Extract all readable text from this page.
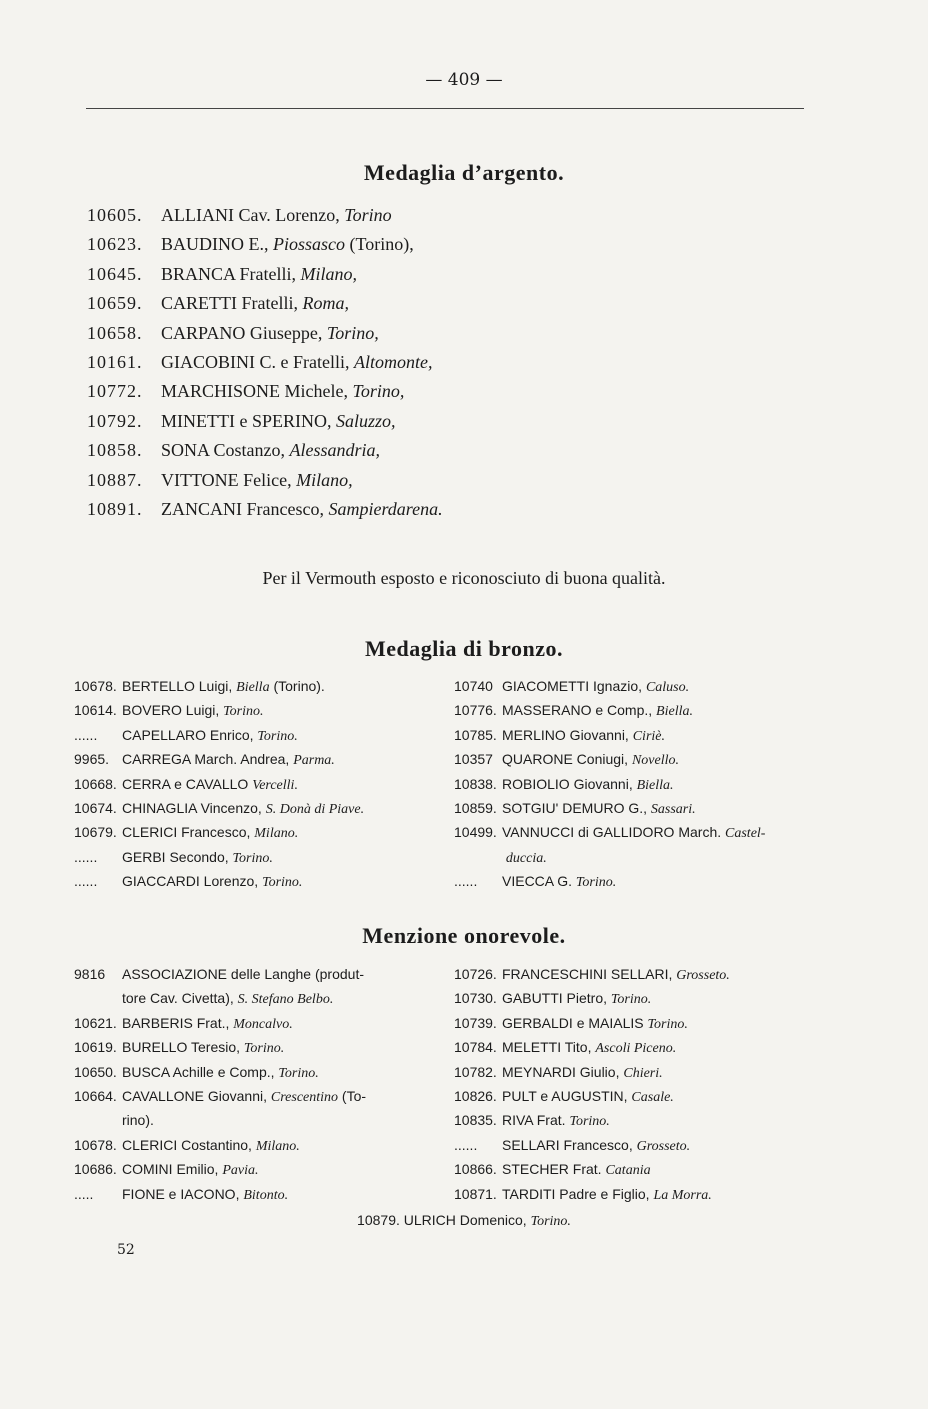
— 409 —
Medaglia d’argento.
10605. ALLIANI Cav. Lorenzo, Torino
10623. BAUDINO E., Piossasco (Torino),
10645. BRANCA Fratelli, Milano,
10659. CARETTI Fratelli, Roma,
10658. CARPANO Giuseppe, Torino,
10161. GIACOBINI C. e Fratelli, Altomonte,
10772. MARCHISONE Michele, Torino,
10792. MINETTI e SPERINO, Saluzzo,
10858. SONA Costanzo, Alessandria,
10887. VITTONE Felice, Milano,
10891. ZANCANI Francesco, Sampierdarena.
Per il Vermouth esposto e riconosciuto di buona qualità.
Medaglia di bronzo.
10678. BERTELLO Luigi, Biella (Torino).
10614. BOVERO Luigi, Torino.
...... CAPELLARO Enrico, Torino.
9965. CARREGA March. Andrea, Parma.
10668. CERRA e CAVALLO Vercelli.
10674. CHINAGLIA Vincenzo, S. Donà di Piave.
10679. CLERICI Francesco, Milano.
...... GERBI Secondo, Torino.
...... GIACCARDI Lorenzo, Torino.
10740 GIACOMETTI Ignazio, Caluso.
10776. MASSERANO e Comp., Biella.
10785. MERLINO Giovanni, Ciriè.
10357 QUARONE Coniugi, Novello.
10838. ROBIOLIO Giovanni, Biella.
10859. SOTGIU' DEMURO G., Sassari.
10499. VANNUCCI di GALLIDORO March. Castel-
duccia.
...... VIECCA G. Torino.
Menzione onorevole.
9816 ASSOCIAZIONE delle Langhe (produt-
tore Cav. Civetta), S. Stefano Belbo.
10621. BARBERIS Frat., Moncalvo.
10619. BURELLO Teresio, Torino.
10650. BUSCA Achille e Comp., Torino.
10664. CAVALLONE Giovanni, Crescentino (To-
rino).
10678. CLERICI Costantino, Milano.
10686. COMINI Emilio, Pavia.
..... FIONE e IACONO, Bitonto.
10726. FRANCESCHINI SELLARI, Grosseto.
10730. GABUTTI Pietro, Torino.
10739. GERBALDI e MAIALIS Torino.
10784. MELETTI Tito, Ascoli Piceno.
10782. MEYNARDI Giulio, Chieri.
10826. PULT e AUGUSTIN, Casale.
10835. RIVA Frat. Torino.
...... SELLARI Francesco, Grosseto.
10866. STECHER Frat. Catania
10871. TARDITI Padre e Figlio, La Morra.
10879. ULRICH Domenico, Torino.
52
